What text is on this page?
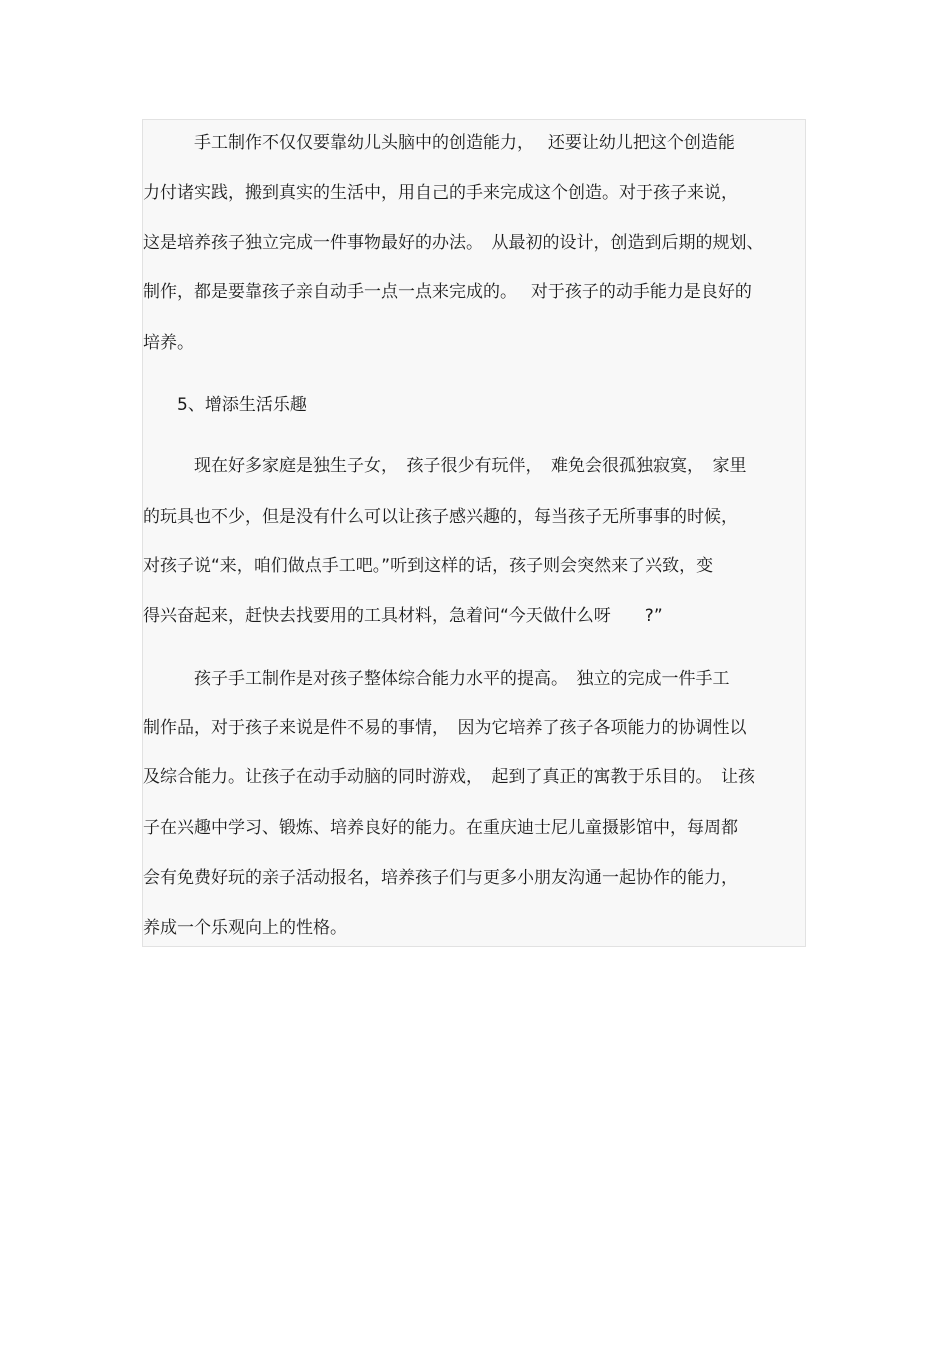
　　　手工制作不仅仅要靠幼儿头脑中的创造能力，　 还要让幼儿把这个创造能
力付诸实践，搬到真实的生活中，用自己的手来完成这个创造。对于孩子来说，
这是培养孩子独立完成一件事物最好的办法。　从最初的设计，创造到后期的规划、
制作，都是要靠孩子亲自动手一点一点来完成的。　 对于孩子的动手能力是良好的
培养。
　　5、增添生活乐趣
　　　现在好多家庭是独生子女，　孩子很少有玩伴，　难免会很孤独寂寞，　家里
的玩具也不少，但是没有什么可以让孩子感兴趣的，每当孩子无所事事的时候，
对孩子说“来，咱们做点手工吧。”听到这样的话，孩子则会突然来了兴致，变
得兴奋起来，赶快去找要用的工具材料，急着问“今天做什么呀　　?”
　　　孩子手工制作是对孩子整体综合能力水平的提高。　独立的完成一件手工
制作品，对于孩子来说是件不易的事情，　因为它培养了孩子各项能力的协调性以
及综合能力。让孩子在动手动脑的同时游戏，　起到了真正的寓教于乐目的。　让孩
子在兴趣中学习、锻炼、培养良好的能力。在重庆迪士尼儿童摄影馆中，每周都
会有免费好玩的亲子活动报名，培养孩子们与更多小朋友沟通一起协作的能力，
养成一个乐观向上的性格。
